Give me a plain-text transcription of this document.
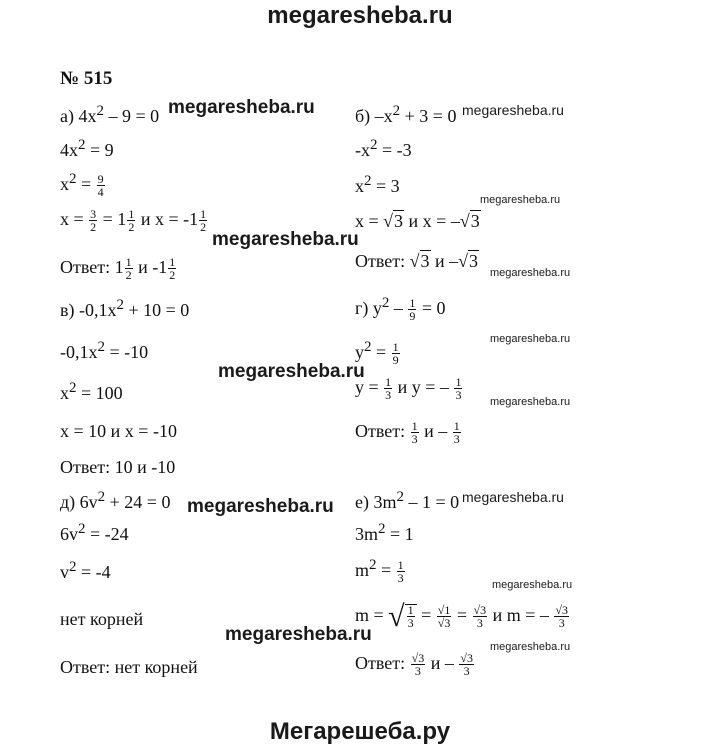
megaresheba.ru
№ 515
а) $4x^2 - 9 = 0$
$4x^2 = 9$
$x^2 = \frac{9}{4}$
$x = \frac{3}{2} = 1 \frac{1}{2}$ и $x = -1 \frac{1}{2}$
Ответ: $1 \frac{1}{2}$ и $-1 \frac{1}{2}$
в) $-0,1x^2 + 10 = 0$
$-0,1x^2 = -10$
$x^2 = 100$
x = 10 и x = -10
Ответ: 10 и -10
д) $6v^2 + 24 = 0$
$6v^2 = -24$
$v^2 = -4$
нет корней
Ответ: нет корней
б) $-x^2 + 3 = 0$
$-x^2 = -3$
$x^2 = 3$
x = √3 и x = –√3
Ответ: √3 и –√3
г) $y^2 - \frac{1}{9} = 0$
$y^2 = \frac{1}{9}$
$y = \frac{1}{3}$ и y = – $\frac{1}{3}$
Ответ: $\frac{1}{3}$ и – $\frac{1}{3}$
е) $3m^2 - 1 = 0$
$3m^2 = 1$
$m^2 = \frac{1}{3}$
m = √ $\frac{1}{3} = \frac{√1}{√3} = \frac{√3}{3}$ и m = – $\frac{√3}{3}$
Ответ: $\frac{√3}{3}$ и – $\frac{√3}{3}$
megaresheba.ru	megaresheba.ru
megaresheba.ru
megaresheba.ru
megaresheba.ru
megaresheba.ru
megaresheba.ru
megaresheba.ru
megaresheba.ru	megaresheba.ru
megaresheba.ru
megaresheba.ru
megaresheba.ru
Мегарешеба.ру
